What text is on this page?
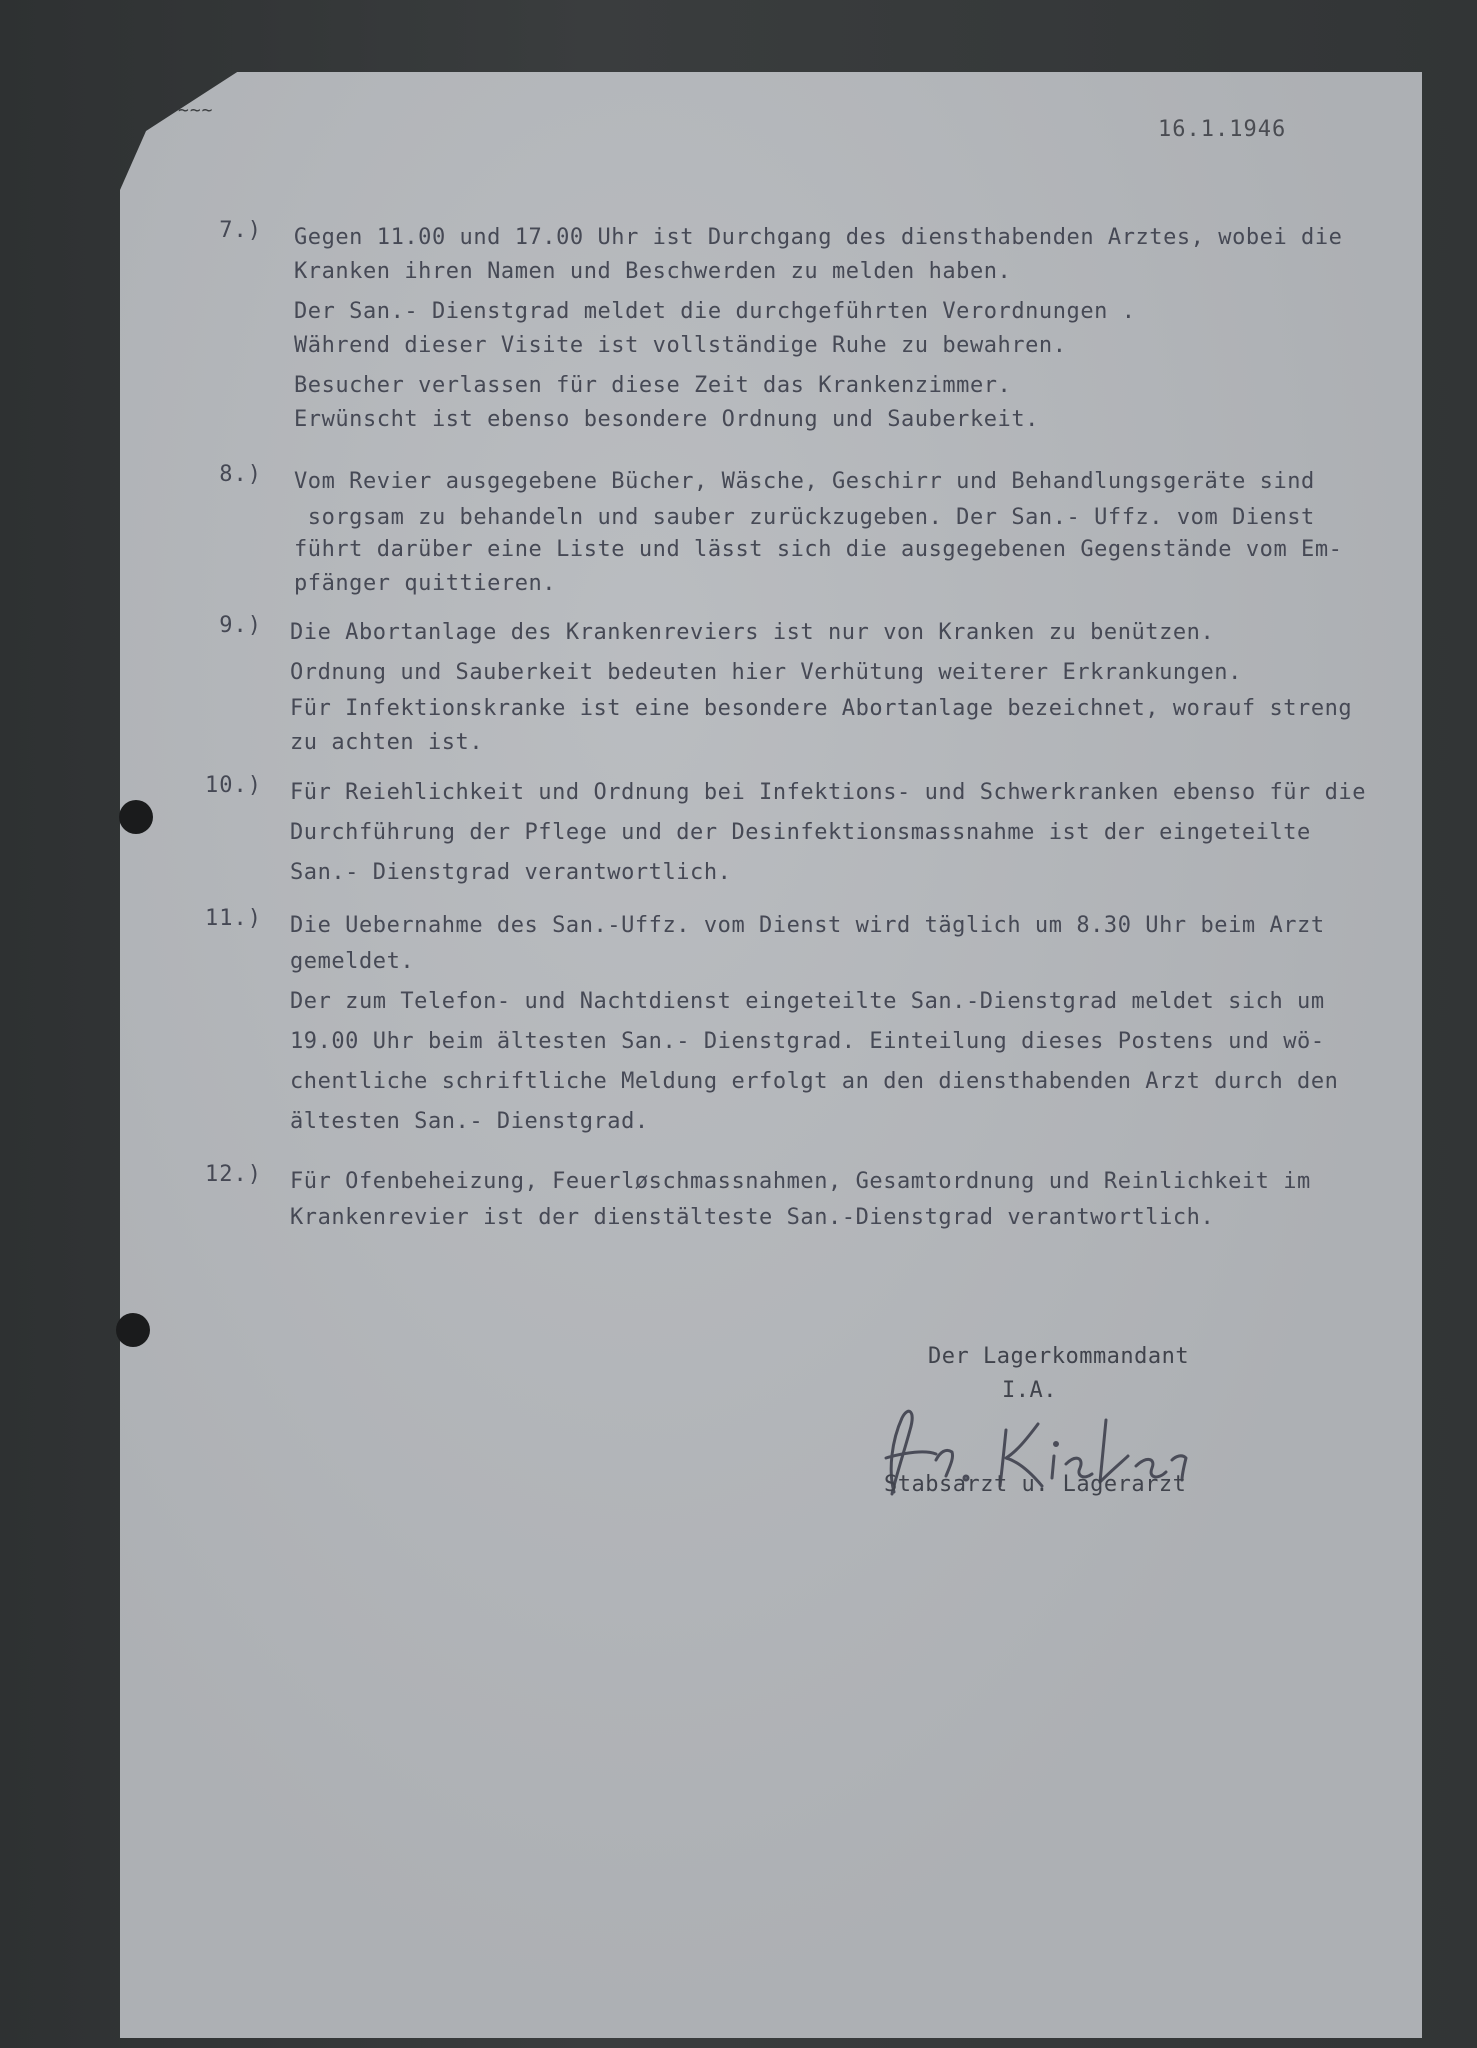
~~~
16.1.1946
7.) Gegen 11.00 und 17.00 Uhr ist Durchgang des diensthabenden Arztes, wobei die
Kranken ihren Namen und Beschwerden zu melden haben.
Der San.- Dienstgrad meldet die durchgeführten Verordnungen .
Während dieser Visite ist vollständige Ruhe zu bewahren.
Besucher verlassen für diese Zeit das Krankenzimmer.
Erwünscht ist ebenso besondere Ordnung und Sauberkeit.
8.) Vom Revier ausgegebene Bücher, Wäsche, Geschirr und Behandlungsgeräte sind
sorgsam zu behandeln und sauber zurückzugeben. Der San.- Uffz. vom Dienst
führt darüber eine Liste und lässt sich die ausgegebenen Gegenstände vom Em-
pfänger quittieren.
9.) Die Abortanlage des Krankenreviers ist nur von Kranken zu benützen.
Ordnung und Sauberkeit bedeuten hier Verhütung weiterer Erkrankungen.
Für Infektionskranke ist eine besondere Abortanlage bezeichnet, worauf streng
zu achten ist.
10.) Für Reiehlichkeit und Ordnung bei Infektions- und Schwerkranken ebenso für die
Durchführung der Pflege und der Desinfektionsmassnahme ist der eingeteilte
San.- Dienstgrad verantwortlich.
11.) Die Uebernahme des San.-Uffz. vom Dienst wird täglich um 8.30 Uhr beim Arzt
gemeldet.
Der zum Telefon- und Nachtdienst eingeteilte San.-Dienstgrad meldet sich um
19.00 Uhr beim ältesten San.- Dienstgrad. Einteilung dieses Postens und wö-
chentliche schriftliche Meldung erfolgt an den diensthabenden Arzt durch den
ältesten San.- Dienstgrad.
12.) Für Ofenbeheizung, Feuerløschmassnahmen, Gesamtordnung und Reinlichkeit im
Krankenrevier ist der dienstälteste San.-Dienstgrad verantwortlich.
Der Lagerkommandant
I.A.
Stabsarzt u. Lagerarzt
